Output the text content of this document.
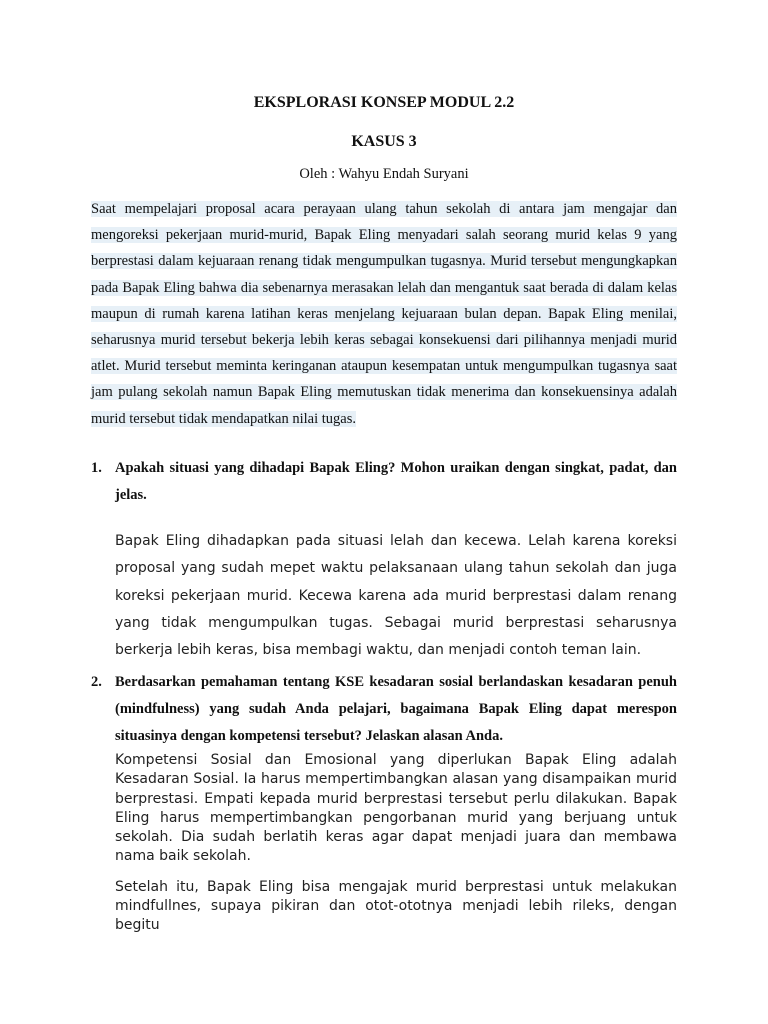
EKSPLORASI KONSEP MODUL 2.2
KASUS 3
Oleh : Wahyu Endah Suryani
Saat mempelajari proposal acara perayaan ulang tahun sekolah di antara jam mengajar dan mengoreksi pekerjaan murid-murid, Bapak Eling menyadari salah seorang murid kelas 9 yang berprestasi dalam kejuaraan renang tidak mengumpulkan tugasnya. Murid tersebut mengungkapkan pada Bapak Eling bahwa dia sebenarnya merasakan lelah dan mengantuk saat berada di dalam kelas maupun di rumah karena latihan keras menjelang kejuaraan bulan depan. Bapak Eling menilai, seharusnya murid tersebut bekerja lebih keras sebagai konsekuensi dari pilihannya menjadi murid atlet. Murid tersebut meminta keringanan ataupun kesempatan untuk mengumpulkan tugasnya saat jam pulang sekolah namun Bapak Eling memutuskan tidak menerima dan konsekuensinya adalah murid tersebut tidak mendapatkan nilai tugas.
1. Apakah situasi yang dihadapi Bapak Eling? Mohon uraikan dengan singkat, padat, dan jelas.

Bapak Eling dihadapkan pada situasi lelah dan kecewa. Lelah karena koreksi proposal yang sudah mepet waktu pelaksanaan ulang tahun sekolah dan juga koreksi pekerjaan murid. Kecewa karena ada murid berprestasi dalam renang yang tidak mengumpulkan tugas. Sebagai murid berprestasi seharusnya berkerja lebih keras, bisa membagi waktu, dan menjadi contoh teman lain.

2. Berdasarkan pemahaman tentang KSE kesadaran sosial berlandaskan kesadaran penuh (mindfulness) yang sudah Anda pelajari, bagaimana Bapak Eling dapat merespon situasinya dengan kompetensi tersebut? Jelaskan alasan Anda.

Kompetensi Sosial dan Emosional yang diperlukan Bapak Eling adalah Kesadaran Sosial. Ia harus mempertimbangkan alasan yang disampaikan murid berprestasi. Empati kepada murid berprestasi tersebut perlu dilakukan. Bapak Eling harus mempertimbangkan pengorbanan murid yang berjuang untuk sekolah. Dia sudah berlatih keras agar dapat menjadi juara dan membawa nama baik sekolah.

Setelah itu, Bapak Eling bisa mengajak murid berprestasi untuk melakukan mindfullnes, supaya pikiran dan otot-ototnya menjadi lebih rileks, dengan begitu
